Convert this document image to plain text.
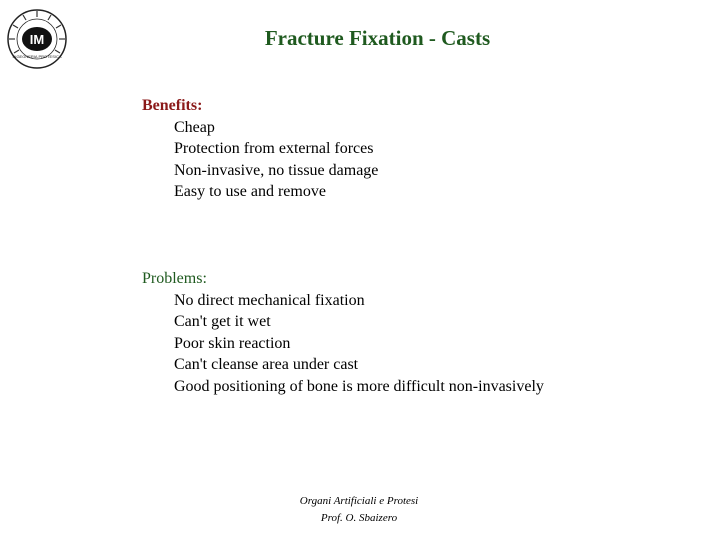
IM
INGEGNERIA PROTESICA
Fracture Fixation - Casts
Benefits:
Cheap
Protection from external forces
Non-invasive, no tissue damage
Easy to use and remove
Problems:
No direct mechanical fixation
Can't get it wet
Poor skin reaction
Can't cleanse area under cast
Good positioning of bone is more difficult non-invasively
Organi Artificiali e Protesi
Prof. O. Sbaizero
